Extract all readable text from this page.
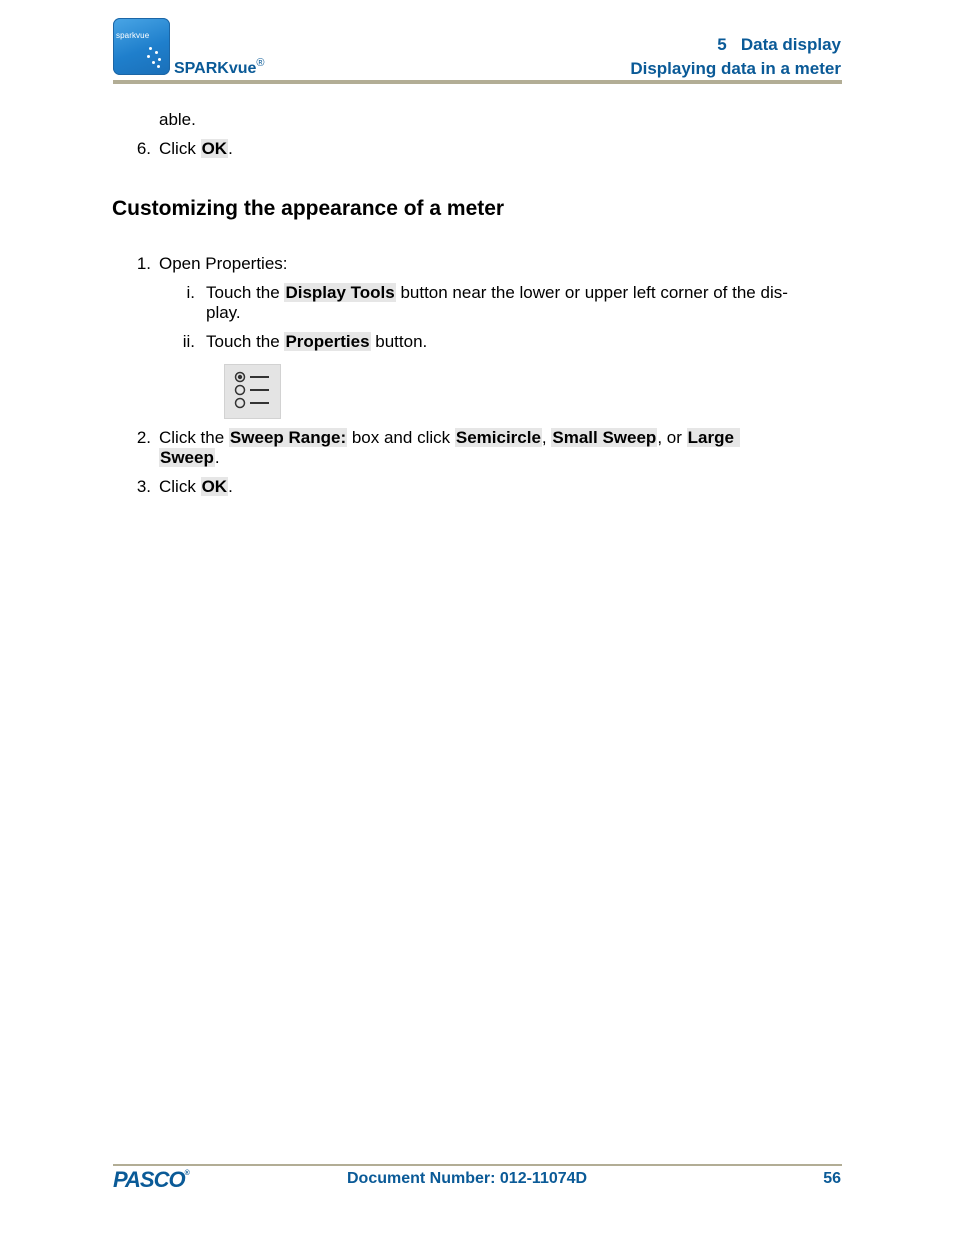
sparkvue
SPARKvue®
5   Data display
Displaying data in a meter
able.
6. Click OK.
Customizing the appearance of a meter
1. Open Properties:
i. Touch the Display Tools button near the lower or upper left corner of the dis-
play.
ii. Touch the Properties button.
2. Click the Sweep Range: box and click Semicircle, Small Sweep, or Large
Sweep.
3. Click OK.
PASCO®	Document Number: 012-11074D	56
